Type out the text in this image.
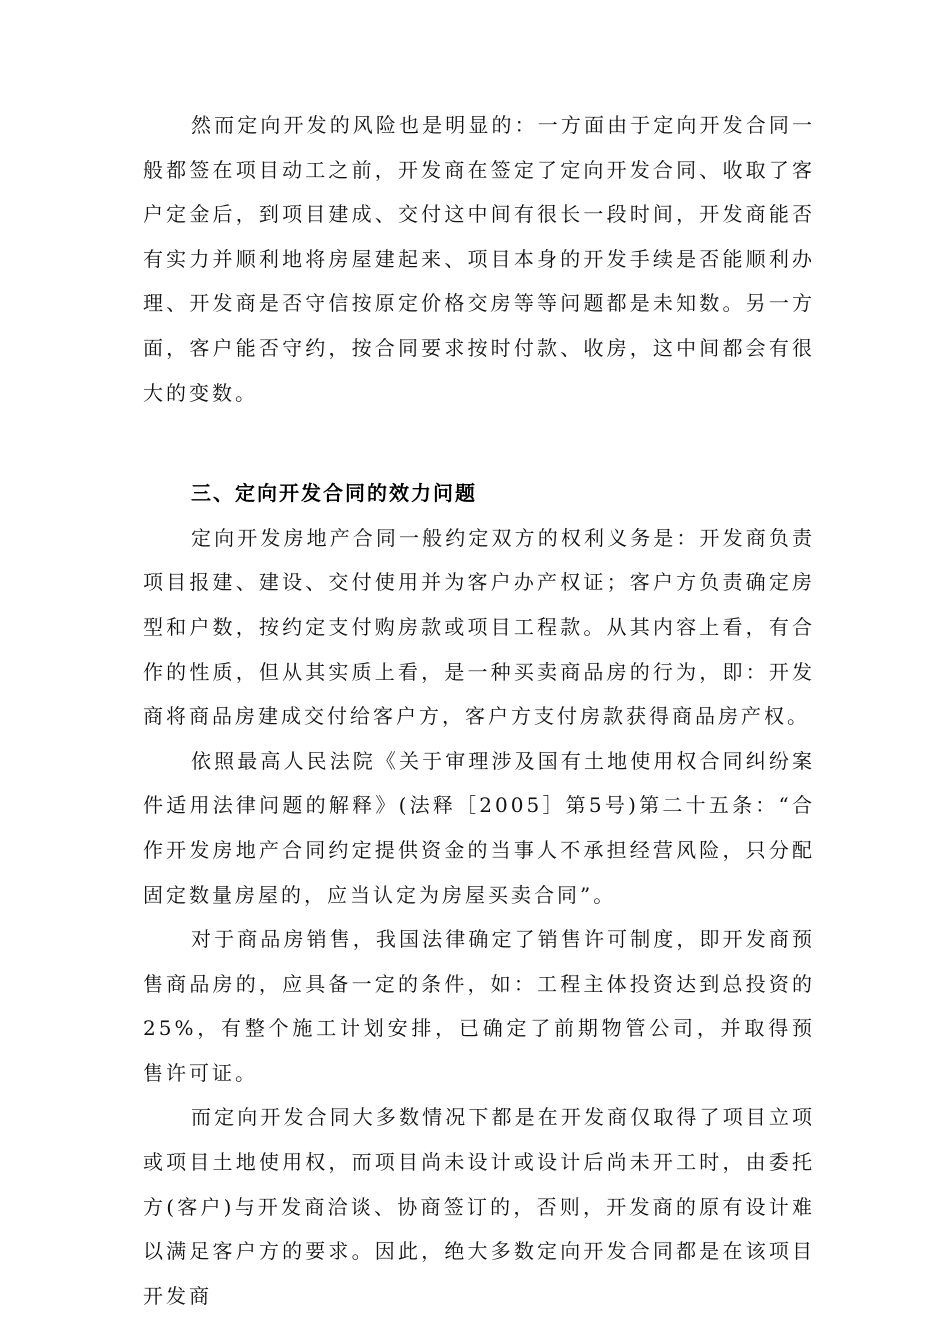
然而定向开发的风险也是明显的：一方面由于定向开发合同一般都签在项目动工之前，开发商在签定了定向开发合同、收取了客户定金后，到项目建成、交付这中间有很长一段时间，开发商能否有实力并顺利地将房屋建起来、项目本身的开发手续是否能顺利办理、开发商是否守信按原定价格交房等等问题都是未知数。另一方面，客户能否守约，按合同要求按时付款、收房，这中间都会有很大的变数。

三、定向开发合同的效力问题

定向开发房地产合同一般约定双方的权利义务是：开发商负责项目报建、建设、交付使用并为客户办产权证；客户方负责确定房型和户数，按约定支付购房款或项目工程款。从其内容上看，有合作的性质，但从其实质上看，是一种买卖商品房的行为，即：开发商将商品房建成交付给客户方，客户方支付房款获得商品房产权。

依照最高人民法院《关于审理涉及国有土地使用权合同纠纷案件适用法律问题的解释》(法释［2005］第5号)第二十五条：“合作开发房地产合同约定提供资金的当事人不承担经营风险，只分配固定数量房屋的，应当认定为房屋买卖合同”。

对于商品房销售，我国法律确定了销售许可制度，即开发商预售商品房的，应具备一定的条件，如：工程主体投资达到总投资的25%，有整个施工计划安排，已确定了前期物管公司，并取得预售许可证。

而定向开发合同大多数情况下都是在开发商仅取得了项目立项或项目土地使用权，而项目尚未设计或设计后尚未开工时，由委托方(客户)与开发商洽谈、协商签订的，否则，开发商的原有设计难以满足客户方的要求。因此，绝大多数定向开发合同都是在该项目开发商
